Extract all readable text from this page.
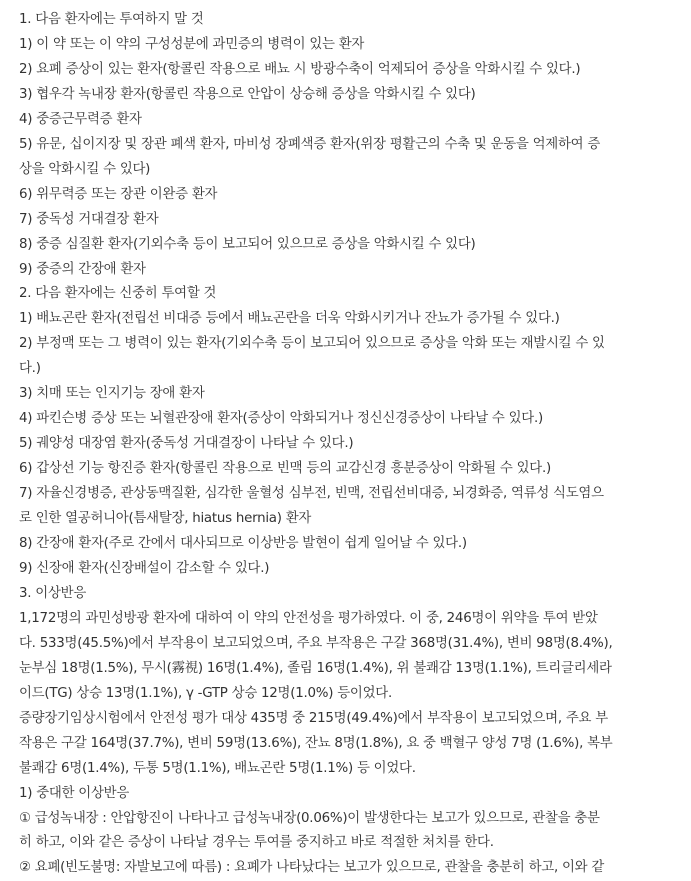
1. 다음 환자에는 투여하지 말 것

1) 이 약 또는 이 약의 구성성분에 과민증의 병력이 있는 환자

2) 요폐 증상이 있는 환자(항콜린 작용으로 배뇨 시 방광수축이 억제되어 증상을 악화시킬 수 있다.)

3) 협우각 녹내장 환자(항콜린 작용으로 안압이 상승해 증상을 악화시킬 수 있다)

4) 중증근무력증 환자

5) 유문, 십이지장 및 장관 폐색 환자, 마비성 장폐색증 환자(위장 평활근의 수축 및 운동을 억제하여 증

상을 악화시킬 수 있다)

6) 위무력증 또는 장관 이완증 환자

7) 중독성 거대결장 환자

8) 중증 심질환 환자(기외수축 등이 보고되어 있으므로 증상을 악화시킬 수 있다)

9) 중증의 간장애 환자

2. 다음 환자에는 신중히 투여할 것

1) 배뇨곤란 환자(전립선 비대증 등에서 배뇨곤란을 더욱 악화시키거나 잔뇨가 증가될 수 있다.)

2) 부정맥 또는 그 병력이 있는 환자(기외수축 등이 보고되어 있으므로 증상을 악화 또는 재발시킬 수 있

다.)

3) 치매 또는 인지기능 장애 환자

4) 파킨슨병 증상 또는 뇌혈관장애 환자(증상이 악화되거나 정신신경증상이 나타날 수 있다.)

5) 궤양성 대장염 환자(중독성 거대결장이 나타날 수 있다.)

6) 갑상선 기능 항진증 환자(항콜린 작용으로 빈맥 등의 교감신경 흥분증상이 악화될 수 있다.)

7) 자율신경병증, 관상동맥질환, 심각한 울혈성 심부전, 빈맥, 전립선비대증, 뇌경화증, 역류성 식도염으

로 인한 열공허니아(틈새탈장, hiatus hernia) 환자

8) 간장애 환자(주로 간에서 대사되므로 이상반응 발현이 쉽게 일어날 수 있다.)

9) 신장애 환자(신장배설이 감소할 수 있다.)

3. 이상반응

1,172명의 과민성방광 환자에 대하여 이 약의 안전성을 평가하였다. 이 중, 246명이 위약을 투여 받았

다. 533명(45.5%)에서 부작용이 보고되었으며, 주요 부작용은 구갈 368명(31.4%), 변비 98명(8.4%),

눈부심 18명(1.5%), 무시(霧視) 16명(1.4%), 졸림 16명(1.4%), 위 불쾌감 13명(1.1%), 트리글리세라

이드(TG) 상승 13명(1.1%), γ -GTP 상승 12명(1.0%) 등이었다.

증량장기임상시험에서 안전성 평가 대상 435명 중 215명(49.4%)에서 부작용이 보고되었으며, 주요 부

작용은 구갈 164명(37.7%), 변비 59명(13.6%), 잔뇨 8명(1.8%), 요 중 백혈구 양성 7명 (1.6%), 복부

불쾌감 6명(1.4%), 두통 5명(1.1%), 배뇨곤란 5명(1.1%) 등 이었다.

1) 중대한 이상반응

① 급성녹내장 : 안압항진이 나타나고 급성녹내장(0.06%)이 발생한다는 보고가 있으므로, 관찰을 충분

히 하고, 이와 같은 증상이 나타날 경우는 투여를 중지하고 바로 적절한 처치를 한다.

② 요폐(빈도불명: 자발보고에 따름) : 요폐가 나타났다는 보고가 있으므로, 관찰을 충분히 하고, 이와 같
